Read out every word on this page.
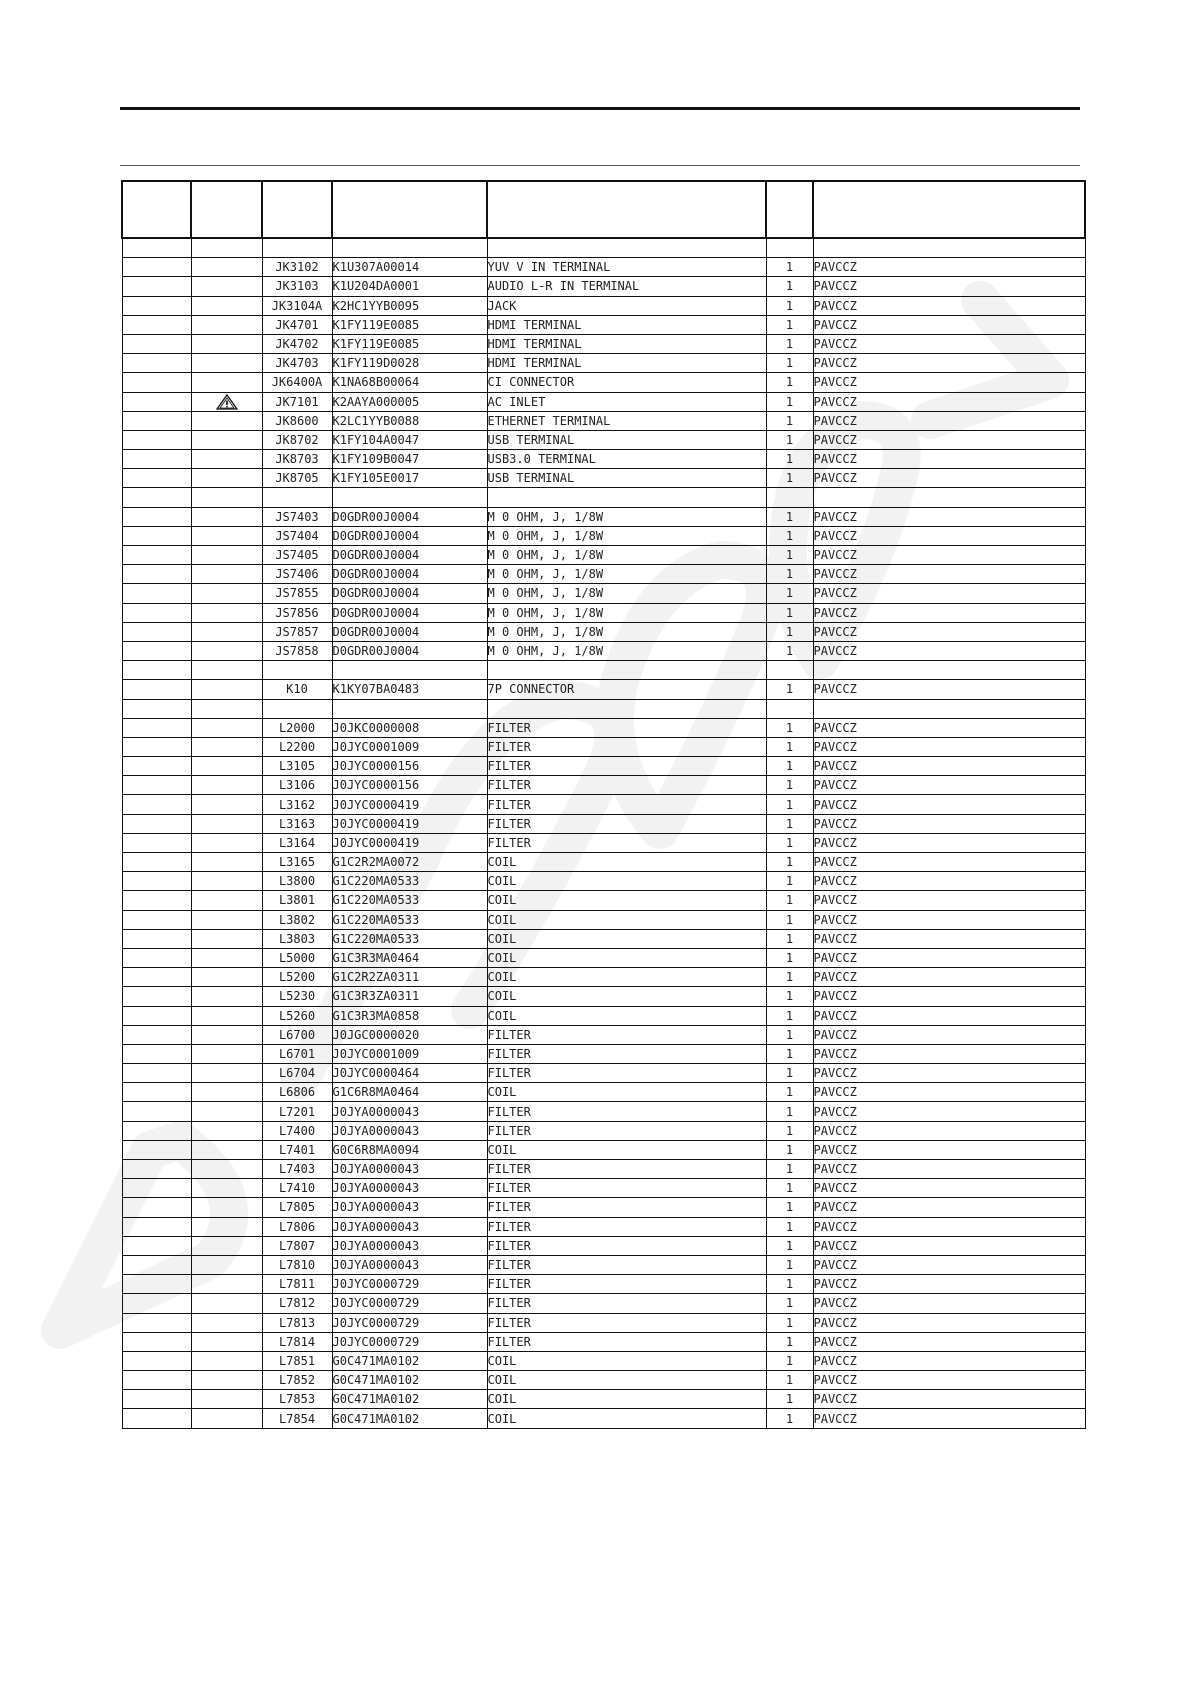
		JK3102	K1U307A00014	YUV V IN TERMINAL	1	PAVCCZ
		JK3103	K1U204DA0001	AUDIO L-R IN TERMINAL	1	PAVCCZ
		JK3104A	K2HC1YYB0095	JACK	1	PAVCCZ
		JK4701	K1FY119E0085	HDMI TERMINAL	1	PAVCCZ
		JK4702	K1FY119E0085	HDMI TERMINAL	1	PAVCCZ
		JK4703	K1FY119D0028	HDMI TERMINAL	1	PAVCCZ
		JK6400A	K1NA68B00064	CI CONNECTOR	1	PAVCCZ
		JK7101	K2AAYA000005	AC INLET	1	PAVCCZ
		JK8600	K2LC1YYB0088	ETHERNET TERMINAL	1	PAVCCZ
		JK8702	K1FY104A0047	USB TERMINAL	1	PAVCCZ
		JK8703	K1FY109B0047	USB3.0 TERMINAL	1	PAVCCZ
		JK8705	K1FY105E0017	USB TERMINAL	1	PAVCCZ

		JS7403	D0GDR00J0004	M 0 OHM, J, 1/8W	1	PAVCCZ
		JS7404	D0GDR00J0004	M 0 OHM, J, 1/8W	1	PAVCCZ
		JS7405	D0GDR00J0004	M 0 OHM, J, 1/8W	1	PAVCCZ
		JS7406	D0GDR00J0004	M 0 OHM, J, 1/8W	1	PAVCCZ
		JS7855	D0GDR00J0004	M 0 OHM, J, 1/8W	1	PAVCCZ
		JS7856	D0GDR00J0004	M 0 OHM, J, 1/8W	1	PAVCCZ
		JS7857	D0GDR00J0004	M 0 OHM, J, 1/8W	1	PAVCCZ
		JS7858	D0GDR00J0004	M 0 OHM, J, 1/8W	1	PAVCCZ

		K10	K1KY07BA0483	7P CONNECTOR	1	PAVCCZ

		L2000	J0JKC0000008	FILTER	1	PAVCCZ
		L2200	J0JYC0001009	FILTER	1	PAVCCZ
		L3105	J0JYC0000156	FILTER	1	PAVCCZ
		L3106	J0JYC0000156	FILTER	1	PAVCCZ
		L3162	J0JYC0000419	FILTER	1	PAVCCZ
		L3163	J0JYC0000419	FILTER	1	PAVCCZ
		L3164	J0JYC0000419	FILTER	1	PAVCCZ
		L3165	G1C2R2MA0072	COIL	1	PAVCCZ
		L3800	G1C220MA0533	COIL	1	PAVCCZ
		L3801	G1C220MA0533	COIL	1	PAVCCZ
		L3802	G1C220MA0533	COIL	1	PAVCCZ
		L3803	G1C220MA0533	COIL	1	PAVCCZ
		L5000	G1C3R3MA0464	COIL	1	PAVCCZ
		L5200	G1C2R2ZA0311	COIL	1	PAVCCZ
		L5230	G1C3R3ZA0311	COIL	1	PAVCCZ
		L5260	G1C3R3MA0858	COIL	1	PAVCCZ
		L6700	J0JGC0000020	FILTER	1	PAVCCZ
		L6701	J0JYC0001009	FILTER	1	PAVCCZ
		L6704	J0JYC0000464	FILTER	1	PAVCCZ
		L6806	G1C6R8MA0464	COIL	1	PAVCCZ
		L7201	J0JYA0000043	FILTER	1	PAVCCZ
		L7400	J0JYA0000043	FILTER	1	PAVCCZ
		L7401	G0C6R8MA0094	COIL	1	PAVCCZ
		L7403	J0JYA0000043	FILTER	1	PAVCCZ
		L7410	J0JYA0000043	FILTER	1	PAVCCZ
		L7805	J0JYA0000043	FILTER	1	PAVCCZ
		L7806	J0JYA0000043	FILTER	1	PAVCCZ
		L7807	J0JYA0000043	FILTER	1	PAVCCZ
		L7810	J0JYA0000043	FILTER	1	PAVCCZ
		L7811	J0JYC0000729	FILTER	1	PAVCCZ
		L7812	J0JYC0000729	FILTER	1	PAVCCZ
		L7813	J0JYC0000729	FILTER	1	PAVCCZ
		L7814	J0JYC0000729	FILTER	1	PAVCCZ
		L7851	G0C471MA0102	COIL	1	PAVCCZ
		L7852	G0C471MA0102	COIL	1	PAVCCZ
		L7853	G0C471MA0102	COIL	1	PAVCCZ
		L7854	G0C471MA0102	COIL	1	PAVCCZ
